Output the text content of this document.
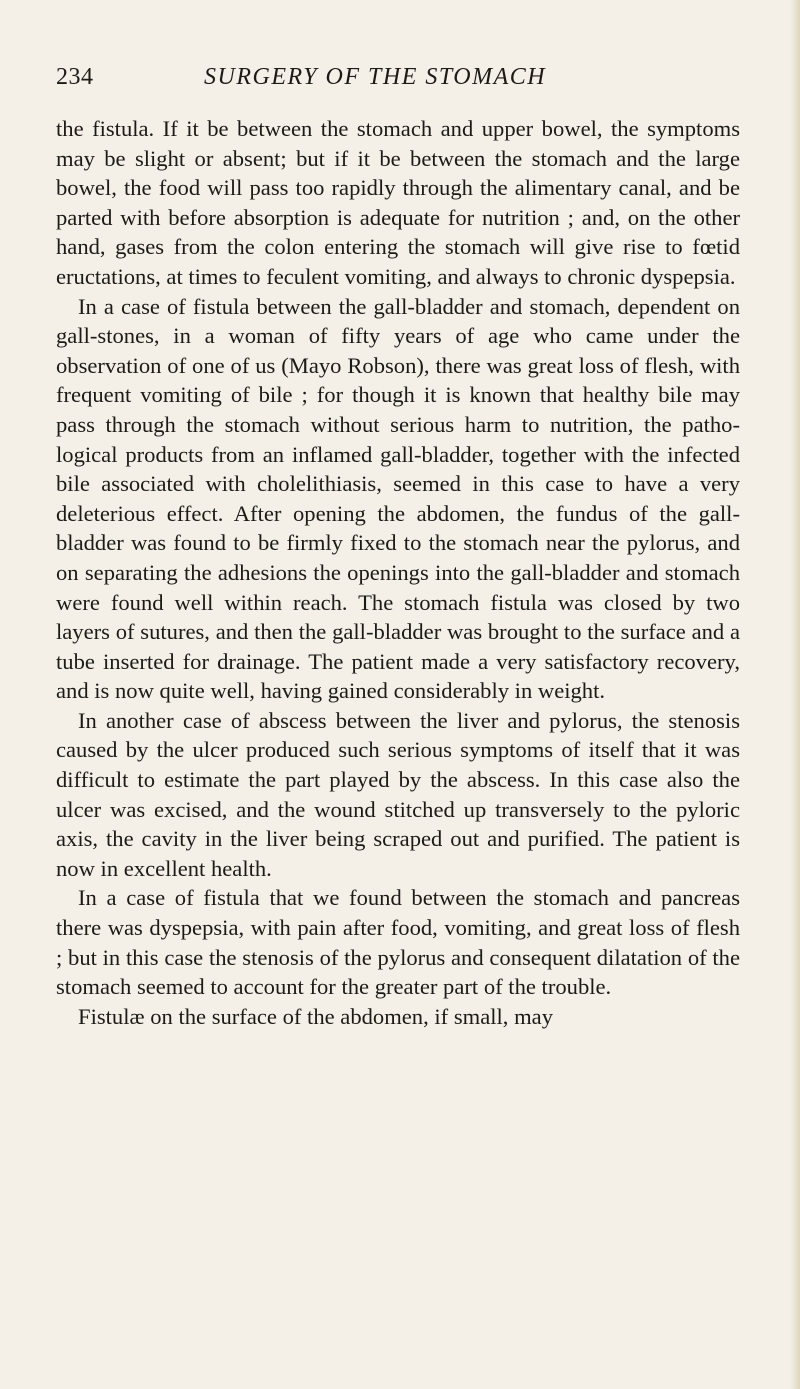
234	SURGERY OF THE STOMACH

the fistula. If it be between the stomach and upper bowel, the symptoms may be slight or absent; but if it be between the stomach and the large bowel, the food will pass too rapidly through the alimentary canal, and be parted with before absorption is adequate for nutrition ; and, on the other hand, gases from the colon entering the stomach will give rise to fœtid eructations, at times to feculent vomiting, and always to chronic dyspepsia.

In a case of fistula between the gall-bladder and stomach, dependent on gall-stones, in a woman of fifty years of age who came under the observation of one of us (Mayo Robson), there was great loss of flesh, with frequent vomiting of bile ; for though it is known that healthy bile may pass through the stomach without serious harm to nutrition, the patho-logical products from an inflamed gall-bladder, together with the infected bile associated with cholelithiasis, seemed in this case to have a very deleterious effect. After opening the abdomen, the fundus of the gall-bladder was found to be firmly fixed to the stomach near the pylorus, and on separating the adhesions the openings into the gall-bladder and stomach were found well within reach. The stomach fistula was closed by two layers of sutures, and then the gall-bladder was brought to the surface and a tube inserted for drainage. The patient made a very satisfactory recovery, and is now quite well, having gained considerably in weight.

In another case of abscess between the liver and pylorus, the stenosis caused by the ulcer produced such serious symptoms of itself that it was difficult to estimate the part played by the abscess. In this case also the ulcer was excised, and the wound stitched up transversely to the pyloric axis, the cavity in the liver being scraped out and purified. The patient is now in excellent health.

In a case of fistula that we found between the stomach and pancreas there was dyspepsia, with pain after food, vomiting, and great loss of flesh ; but in this case the stenosis of the pylorus and consequent dilatation of the stomach seemed to account for the greater part of the trouble.

Fistulæ on the surface of the abdomen, if small, may
